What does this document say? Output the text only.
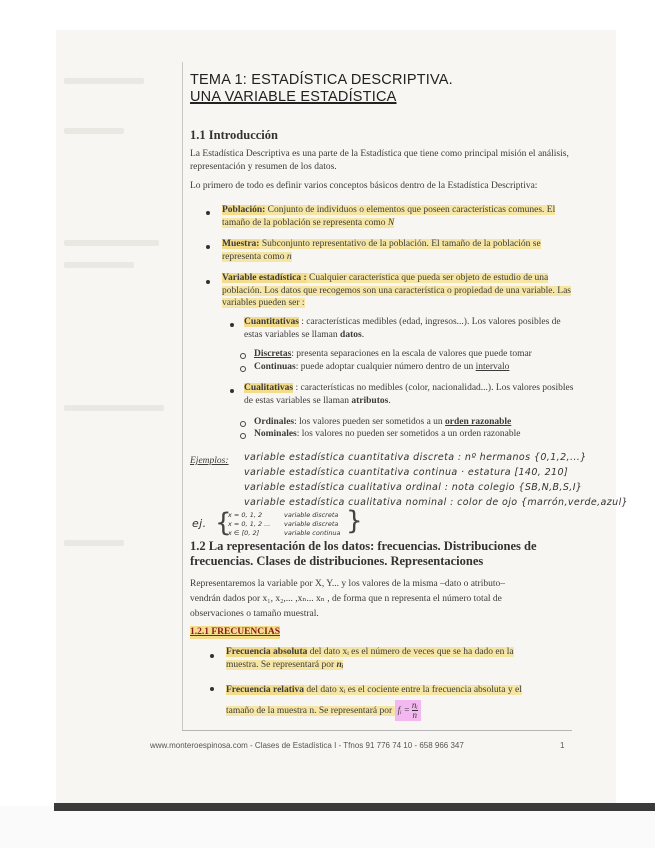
TEMA 1: ESTADÍSTICA DESCRIPTIVA.
UNA VARIABLE ESTADÍSTICA
1.1 Introducción
La Estadística Descriptiva es una parte de la Estadística que tiene como principal misión el análisis, representación y resumen de los datos.
Lo primero de todo es definir varios conceptos básicos dentro de la Estadística Descriptiva:
Población: Conjunto de individuos o elementos que poseen características comunes. El tamaño de la población se representa como N
Muestra: Subconjunto representativo de la población. El tamaño de la población se representa como n
Variable estadística : Cualquier característica que pueda ser objeto de estudio de una población. Los datos que recogemos son una característica o propiedad de una variable. Las variables pueden ser :
Cuantitativas : características medibles (edad, ingresos...). Los valores posibles de estas variables se llaman datos.
Discretas: presenta separaciones en la escala de valores que puede tomar
Continuas: puede adoptar cualquier número dentro de un intervalo
Cualitativas : características no medibles (color, nacionalidad...). Los valores posibles de estas variables se llaman atributos.
Ordinales: los valores pueden ser sometidos a un orden razonable
Nominales: los valores no pueden ser sometidos a un orden razonable
Ejemplos: variable estadística cuantitativa discreta : nº hermanos {0,1,2,...}
variable estadística cuantitativa continua · estatura [140, 210]
variable estadística cualitativa ordinal : nota colegio {SB,N,B,S,I}
variable estadística cualitativa nominal : color de ojo {marrón,verde,azul}
ej. {
x = 0, 1, 2
x = 0, 1, 2 ...
x ∈ [0, 2]
variable discreta
variable discreta
variable continua }
1.2 La representación de los datos: frecuencias. Distribuciones de
frecuencias. Clases de distribuciones. Representaciones
Representaremos la variable por X, Y... y los valores de la misma –dato o atributo–
vendrán dados por x₁, x₂,... ,xₙ... xₙ , de forma que n representa el número total de
observaciones o tamaño muestral.
1.2.1 FRECUENCIAS
Frecuencia absoluta del dato xᵢ es el número de veces que se ha dado en la
muestra. Se representará por nᵢ
Frecuencia relativa del dato xᵢ es el cociente entre la frecuencia absoluta y el
tamaño de la muestra n. Se representará por fᵢ = $\frac{\text{nᵢ}}{n}$
www.monteroespinosa.com - Clases de Estadística I - Tfnos 91 776 74 10 - 658 966 347	1
